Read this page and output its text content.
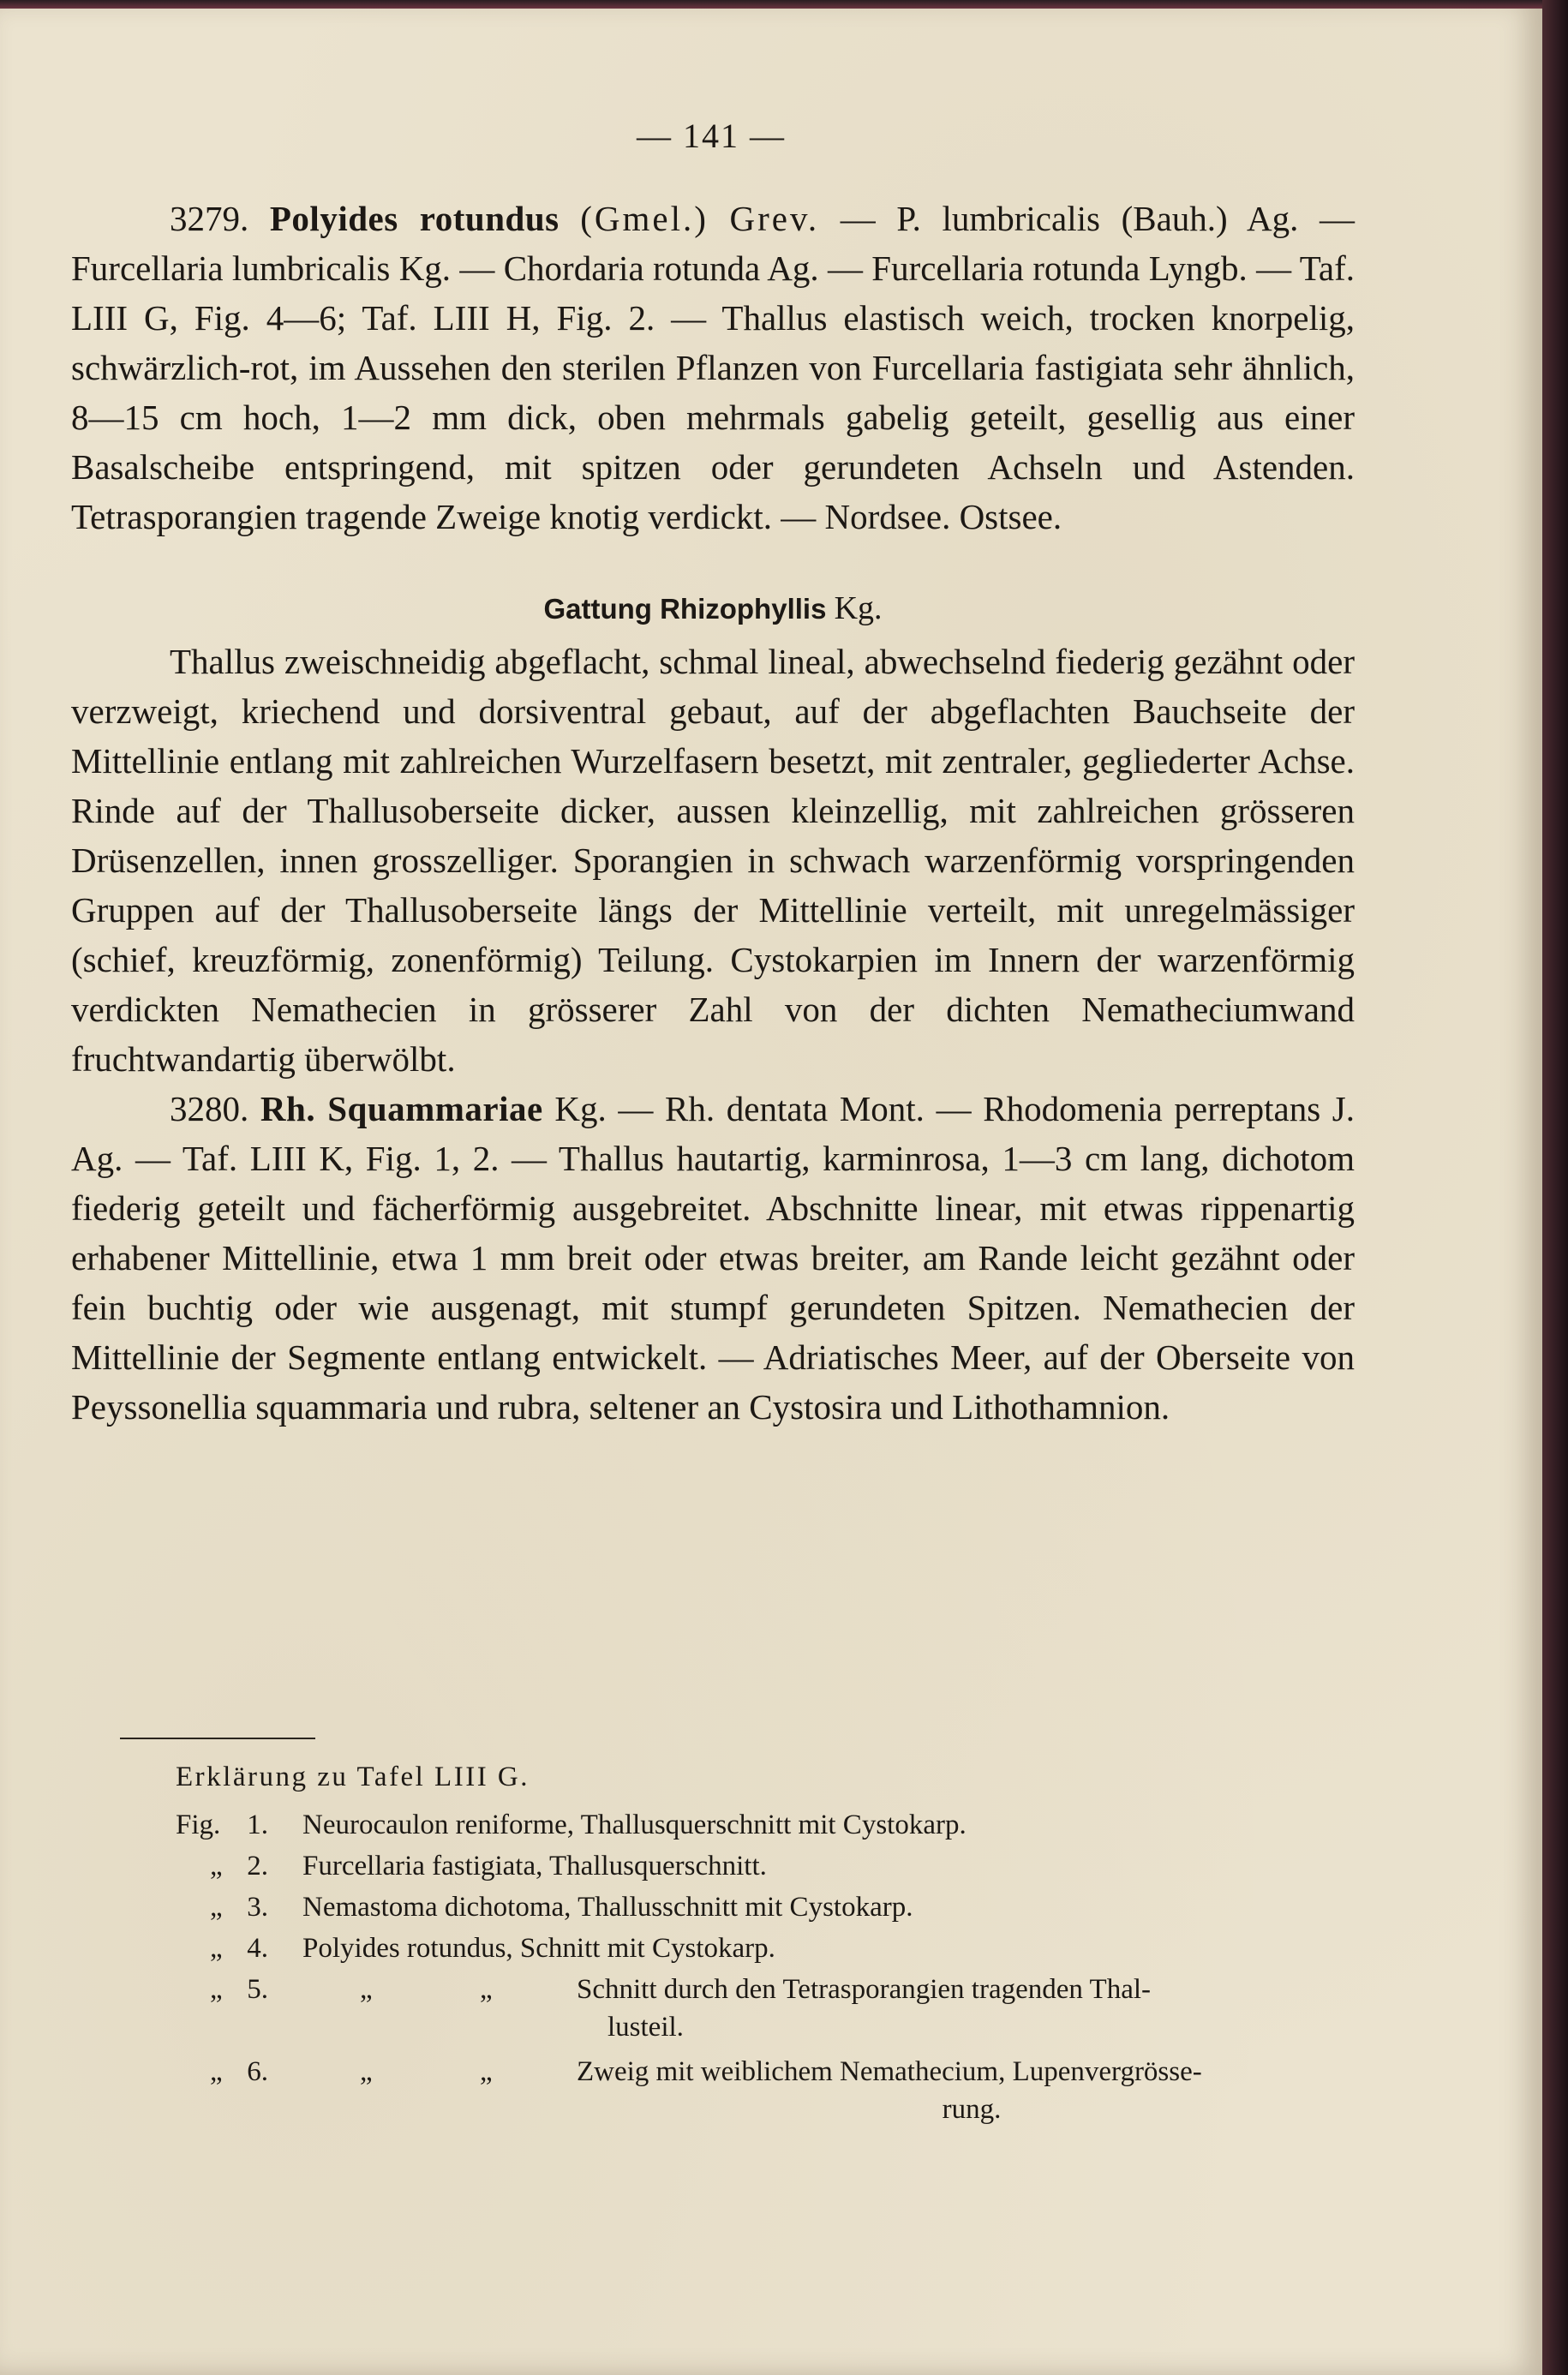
— 141 —

3279. Polyides rotundus (Gmel.) Grev. — P. lumbricalis (Bauh.) Ag. — Furcellaria lumbricalis Kg. — Chordaria rotunda Ag. — Furcellaria rotunda Lyngb. — Taf. LIII G, Fig. 4—6; Taf. LIII H, Fig. 2. — Thallus elastisch weich, trocken knorpelig, schwärzlich-rot, im Aussehen den sterilen Pflanzen von Furcellaria fastigiata sehr ähnlich, 8—15 cm hoch, 1—2 mm dick, oben mehrmals gabelig geteilt, gesellig aus einer Basalscheibe entspringend, mit spitzen oder gerundeten Achseln und Astenden. Tetrasporangien tragende Zweige knotig verdickt. — Nordsee. Ostsee.

Gattung Rhizophyllis Kg.

Thallus zweischneidig abgeflacht, schmal lineal, abwechselnd fiederig gezähnt oder verzweigt, kriechend und dorsiventral gebaut, auf der abgeflachten Bauchseite der Mittellinie entlang mit zahlreichen Wurzelfasern besetzt, mit zentraler, gegliederter Achse. Rinde auf der Thallusoberseite dicker, aussen kleinzellig, mit zahlreichen grösseren Drüsenzellen, innen grosszelliger. Sporangien in schwach warzenförmig vorspringenden Gruppen auf der Thallusoberseite längs der Mittellinie verteilt, mit unregelmässiger (schief, kreuzförmig, zonenförmig) Teilung. Cystokarpien im Innern der warzenförmig verdickten Nemathecien in grösserer Zahl von der dichten Nematheciumwand fruchtwandartig überwölbt.

3280. Rh. Squammariae Kg. — Rh. dentata Mont. — Rhodomenia perreptans J. Ag. — Taf. LIII K, Fig. 1, 2. — Thallus hautartig, karminrosa, 1—3 cm lang, dichotom fiederig geteilt und fächerförmig ausgebreitet. Abschnitte linear, mit etwas rippenartig erhabener Mittellinie, etwa 1 mm breit oder etwas breiter, am Rande leicht gezähnt oder fein buchtig oder wie ausgenagt, mit stumpf gerundeten Spitzen. Nemathecien der Mittellinie der Segmente entlang entwickelt. — Adriatisches Meer, auf der Oberseite von Peyssonellia squammaria und rubra, seltener an Cystosira und Lithothamnion.

Erklärung zu Tafel LIII G.
Fig. 1. Neurocaulon reniforme, Thallusquerschnitt mit Cystokarp.
„ 2. Furcellaria fastigiata, Thallusquerschnitt.
„ 3. Nemastoma dichotoma, Thallusschnitt mit Cystokarp.
„ 4. Polyides rotundus, Schnitt mit Cystokarp.
„ 5.	„	„	Schnitt durch den Tetrasporangien tragenden Thal-
lusteil.
„ 6.	„	„	Zweig mit weiblichem Nemathecium, Lupenvergrösse-
rung.
